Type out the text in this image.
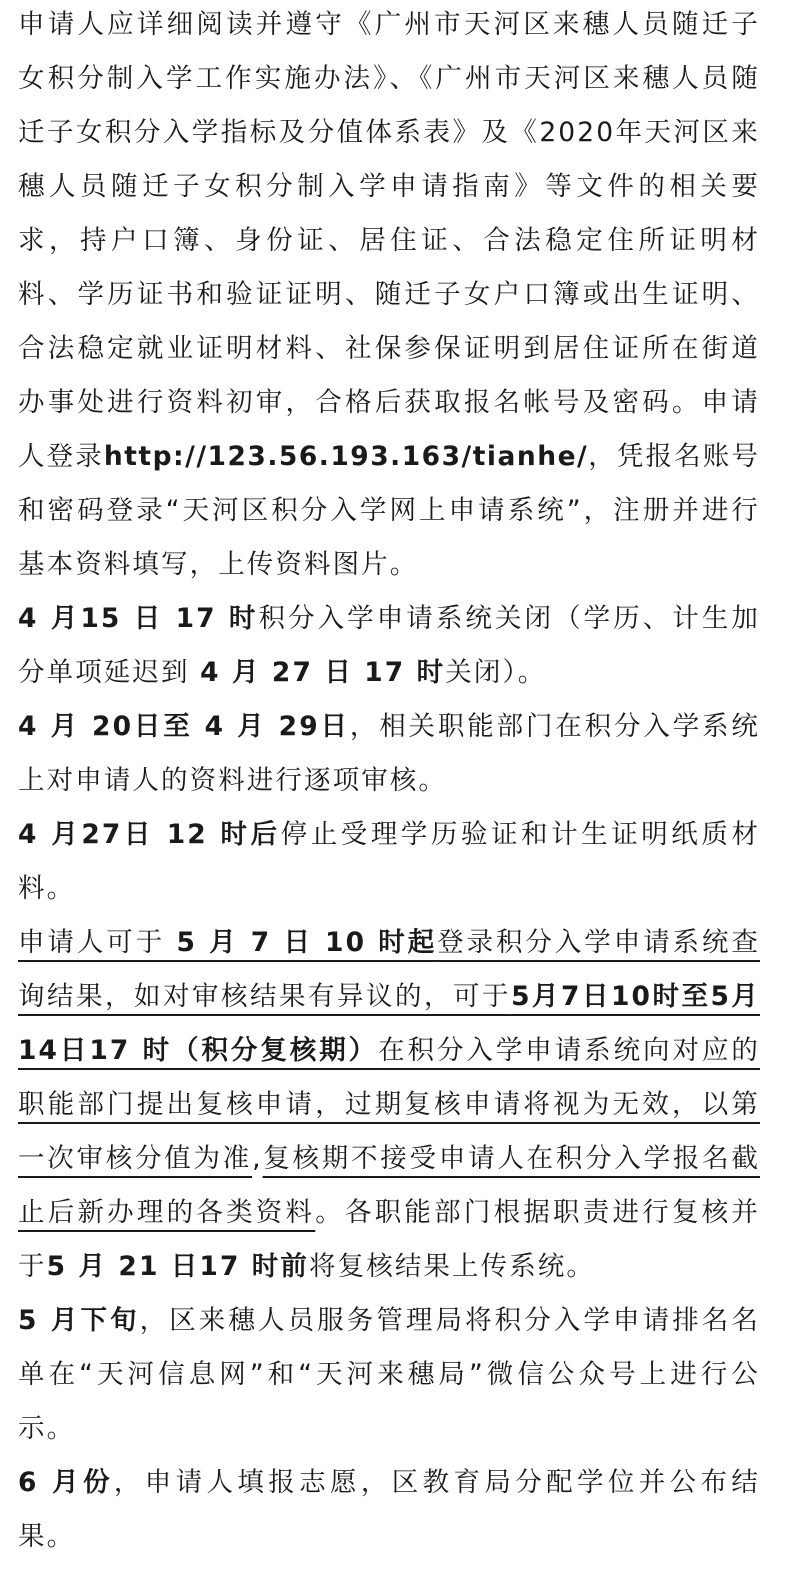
申请人应详细阅读并遵守《广州市天河区来穗人员随迁子女积分制入学工作实施办法》、《广州市天河区来穗人员随迁子女积分入学指标及分值体系表》及《2020年天河区来穗人员随迁子女积分制入学申请指南》等文件的相关要求，持户口簿、身份证、居住证、合法稳定住所证明材料、学历证书和验证证明、随迁子女户口簿或出生证明、合法稳定就业证明材料、社保参保证明到居住证所在街道办事处进行资料初审，合格后获取报名帐号及密码。申请人登录http://123.56.193.163/tianhe/，凭报名账号和密码登录“天河区积分入学网上申请系统”，注册并进行基本资料填写，上传资料图片。

4 月15 日 17 时积分入学申请系统关闭（学历、计生加分单项延迟到 4 月 27 日 17 时关闭）。

4 月 20日至 4 月 29日，相关职能部门在积分入学系统上对申请人的资料进行逐项审核。

4 月27日 12 时后停止受理学历验证和计生证明纸质材料。

申请人可于 5 月 7 日 10 时起登录积分入学申请系统查询结果，如对审核结果有异议的，可于5月7日10时至5月14日17 时（积分复核期）在积分入学申请系统向对应的职能部门提出复核申请，过期复核申请将视为无效，以第一次审核分值为准,复核期不接受申请人在积分入学报名截止后新办理的各类资料。各职能部门根据职责进行复核并于5 月 21 日17 时前将复核结果上传系统。

5 月下旬，区来穗人员服务管理局将积分入学申请排名名单在“天河信息网”和“天河来穗局”微信公众号上进行公示。

6 月份，申请人填报志愿，区教育局分配学位并公布结果。
